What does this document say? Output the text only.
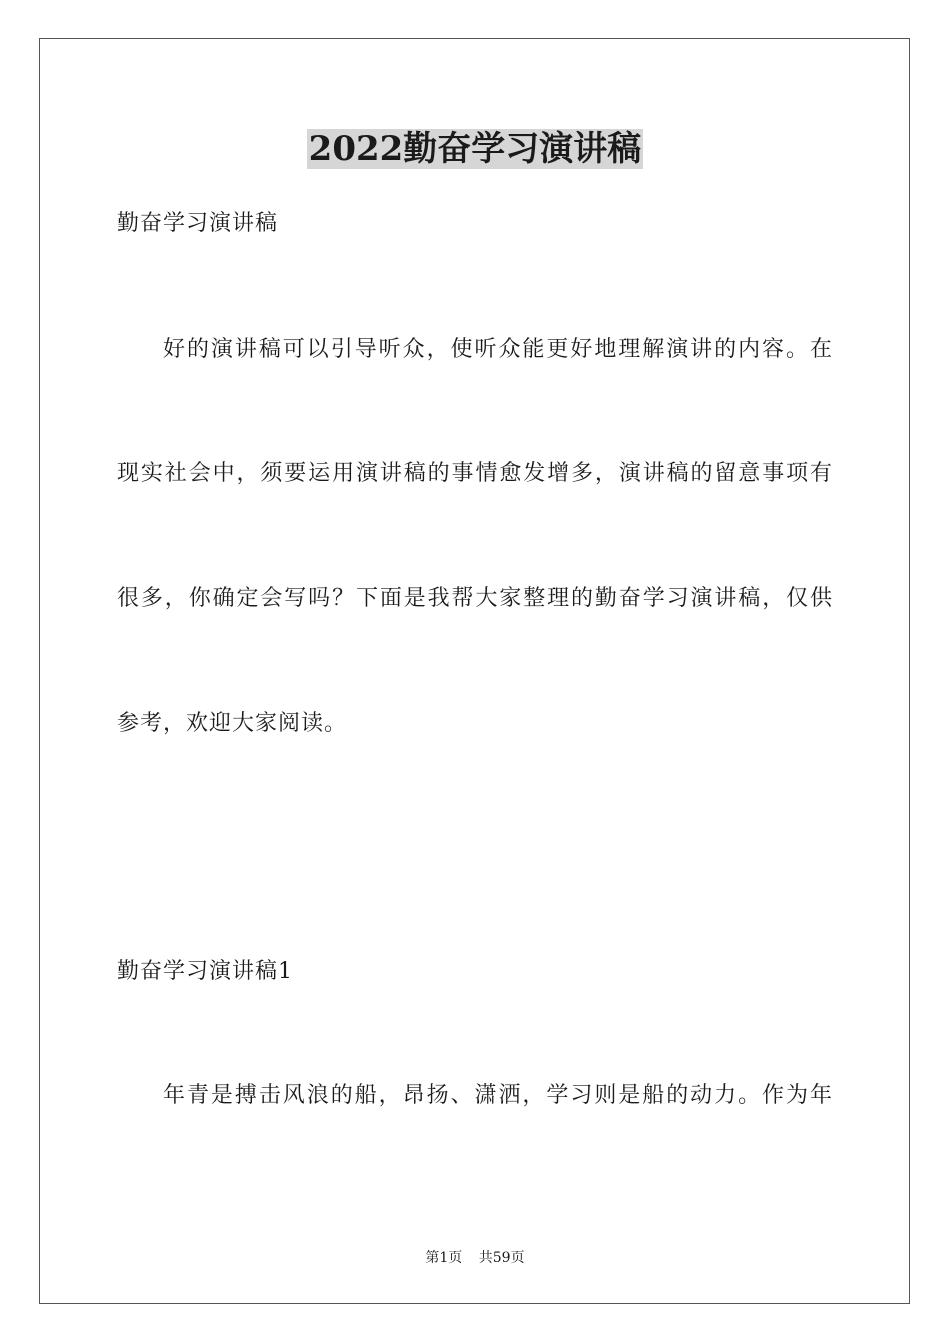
2022勤奋学习演讲稿
勤奋学习演讲稿
好的演讲稿可以引导听众，使听众能更好地理解演讲的内容。在
现实社会中，须要运用演讲稿的事情愈发增多，演讲稿的留意事项有
很多，你确定会写吗？下面是我帮大家整理的勤奋学习演讲稿，仅供
参考，欢迎大家阅读。
勤奋学习演讲稿1
年青是搏击风浪的船，昂扬、潇洒，学习则是船的动力。作为年
第1页 共59页
